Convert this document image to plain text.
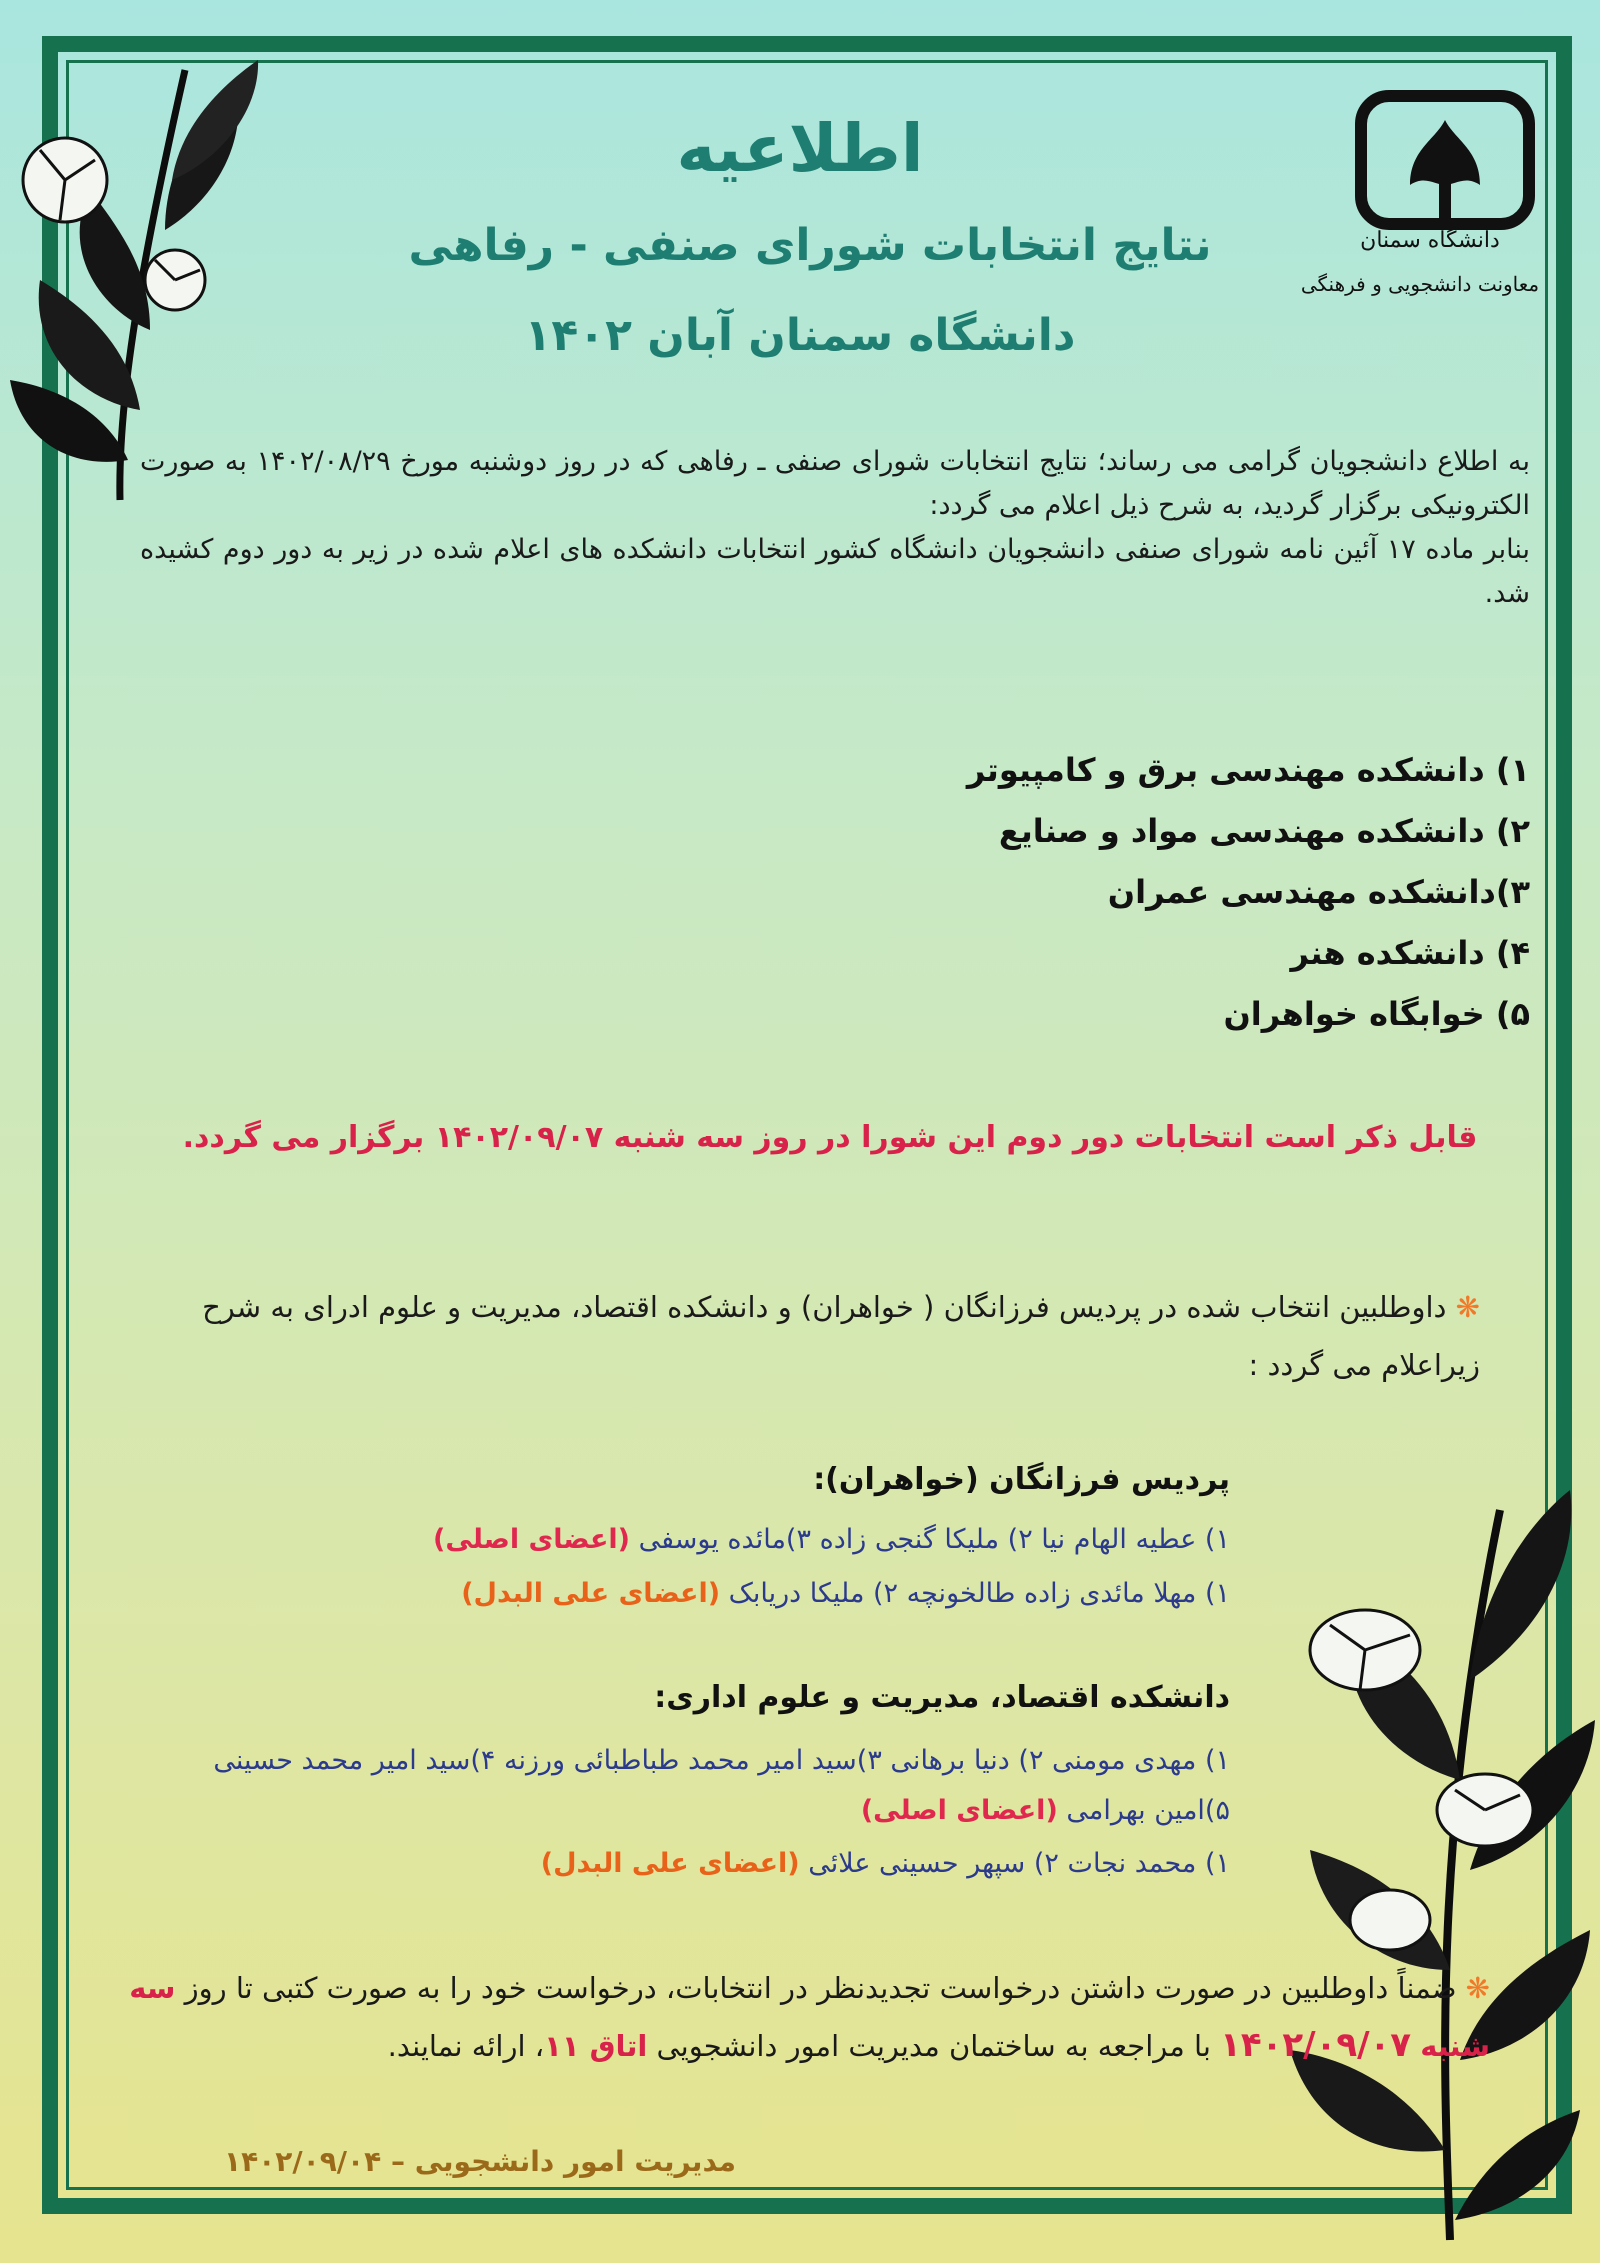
دانشگاه سمنان
معاونت دانشجویی و فرهنگی
اطلاعیه
نتایج انتخابات شورای صنفی - رفاهی
دانشگاه سمنان آبان ۱۴۰۲
به اطلاع دانشجویان گرامی می رساند؛ نتایج انتخابات شورای صنفی ـ رفاهی که در روز دوشنبه مورخ ۱۴۰۲/۰۸/۲۹ به صورت الکترونیکی برگزار گردید، به شرح ذیل اعلام می گردد:
بنابر ماده ۱۷ آئین نامه شورای صنفی دانشجویان دانشگاه کشور انتخابات دانشکده های اعلام شده در زیر به دور دوم کشیده شد.
۱) دانشکده مهندسی برق و کامپیوتر
۲) دانشکده مهندسی مواد و صنایع
۳)دانشکده مهندسی عمران
۴) دانشکده هنر
۵) خوابگاه خواهران
قابل ذکر است انتخابات دور دوم این شورا در روز سه شنبه ۱۴۰۲/۰۹/۰۷ برگزار می گردد.
❋ داوطلبین انتخاب شده در پردیس فرزانگان ( خواهران) و دانشکده اقتصاد، مدیریت و علوم ادرای به شرح زیراعلام می گردد :
پردیس فرزانگان (خواهران):
۱) عطیه الهام نیا ۲) ملیکا گنجی زاده ۳)مائده یوسفی (اعضای اصلی)
۱) مهلا مائدی زاده طالخونچه ۲) ملیکا دریابک (اعضای علی البدل)
دانشکده اقتصاد، مدیریت و علوم اداری:
۱) مهدی مومنی ۲) دنیا برهانی ۳)سید امیر محمد طباطبائی ورزنه ۴)سید امیر محمد حسینی
۵)امین بهرامی (اعضای اصلی)
۱) محمد نجات ۲) سپهر حسینی علائی (اعضای علی البدل)
❋ ضمناً داوطلبین در صورت داشتن درخواست تجدیدنظر در انتخابات، درخواست خود را به صورت کتبی تا روز سه شنبه ۱۴۰۲/۰۹/۰۷ با مراجعه به ساختمان مدیریت امور دانشجویی اتاق ۱۱، ارائه نمایند.
مدیریت امور دانشجویی – ۱۴۰۲/۰۹/۰۴
